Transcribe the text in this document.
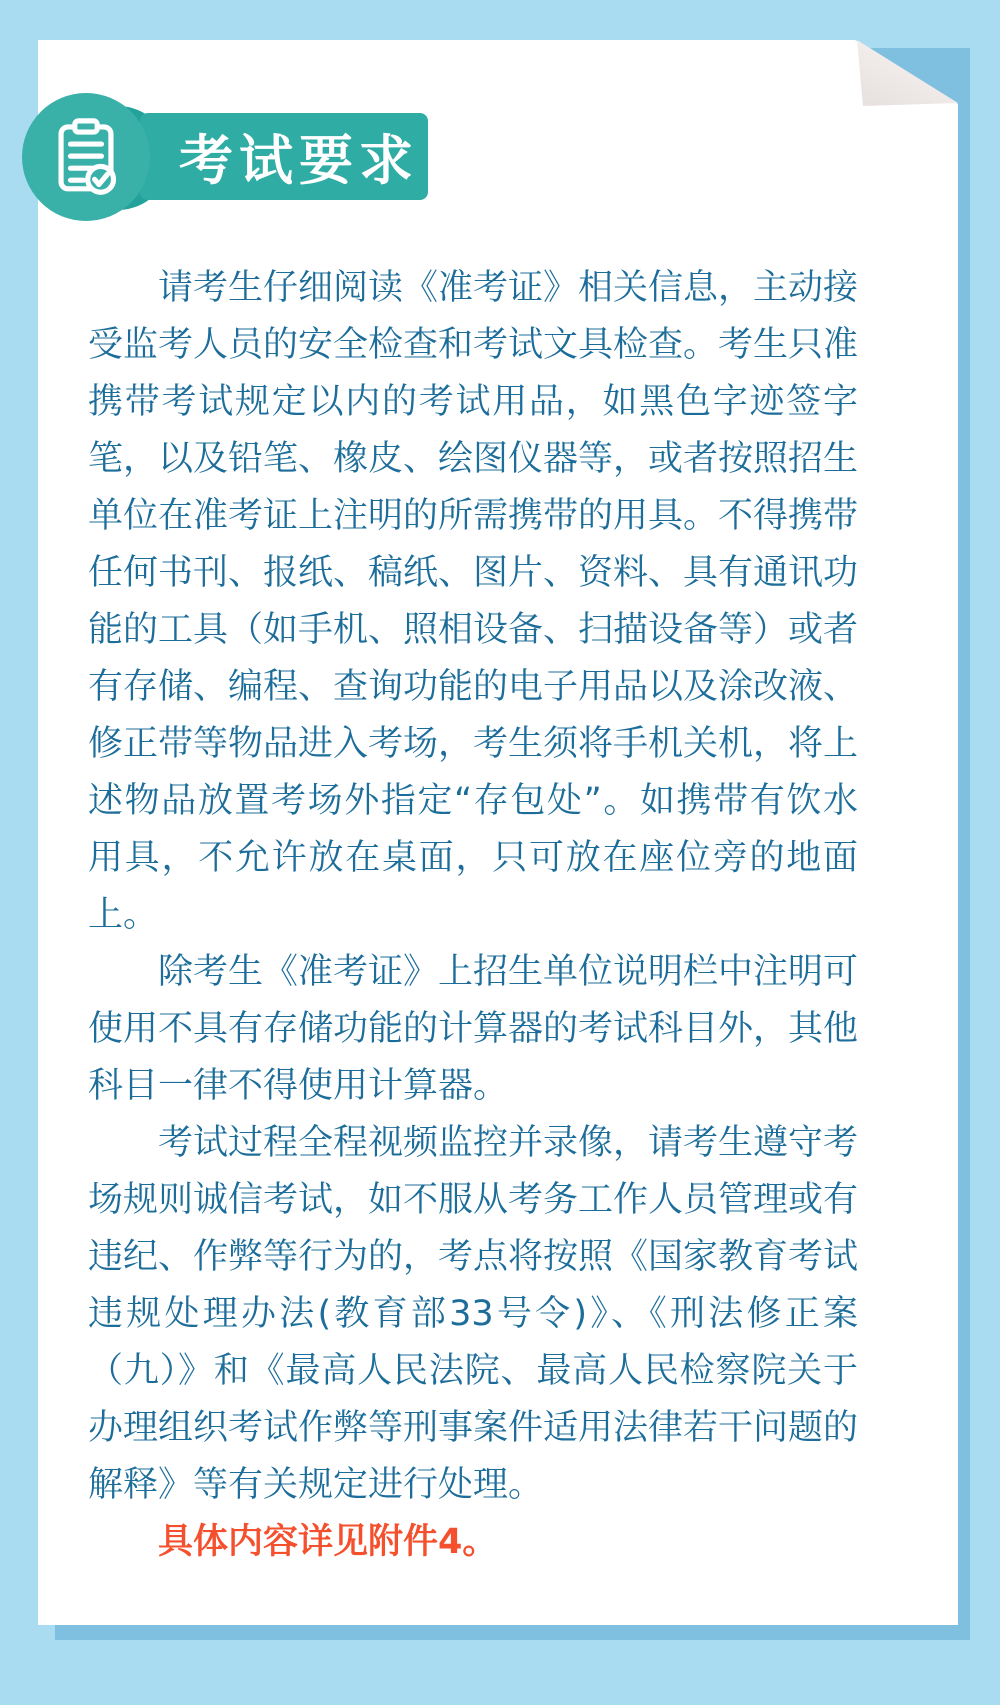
考试要求

请考生仔细阅读《准考证》相关信息，主动接受监考人员的安全检查和考试文具检查。考生只准携带考试规定以内的考试用品，如黑色字迹签字笔，以及铅笔、橡皮、绘图仪器等，或者按照招生单位在准考证上注明的所需携带的用具。不得携带任何书刊、报纸、稿纸、图片、资料、具有通讯功能的工具（如手机、照相设备、扫描设备等）或者有存储、编程、查询功能的电子用品以及涂改液、修正带等物品进入考场，考生须将手机关机，将上述物品放置考场外指定“存包处”。如携带有饮水用具，不允许放在桌面，只可放在座位旁的地面上。

除考生《准考证》上招生单位说明栏中注明可使用不具有存储功能的计算器的考试科目外，其他科目一律不得使用计算器。

考试过程全程视频监控并录像，请考生遵守考场规则诚信考试，如不服从考务工作人员管理或有违纪、作弊等行为的，考点将按照《国家教育考试违规处理办法(教育部33号令)》、《刑法修正案（九）》和《最高人民法院、最高人民检察院关于办理组织考试作弊等刑事案件适用法律若干问题的解释》等有关规定进行处理。

具体内容详见附件4。
